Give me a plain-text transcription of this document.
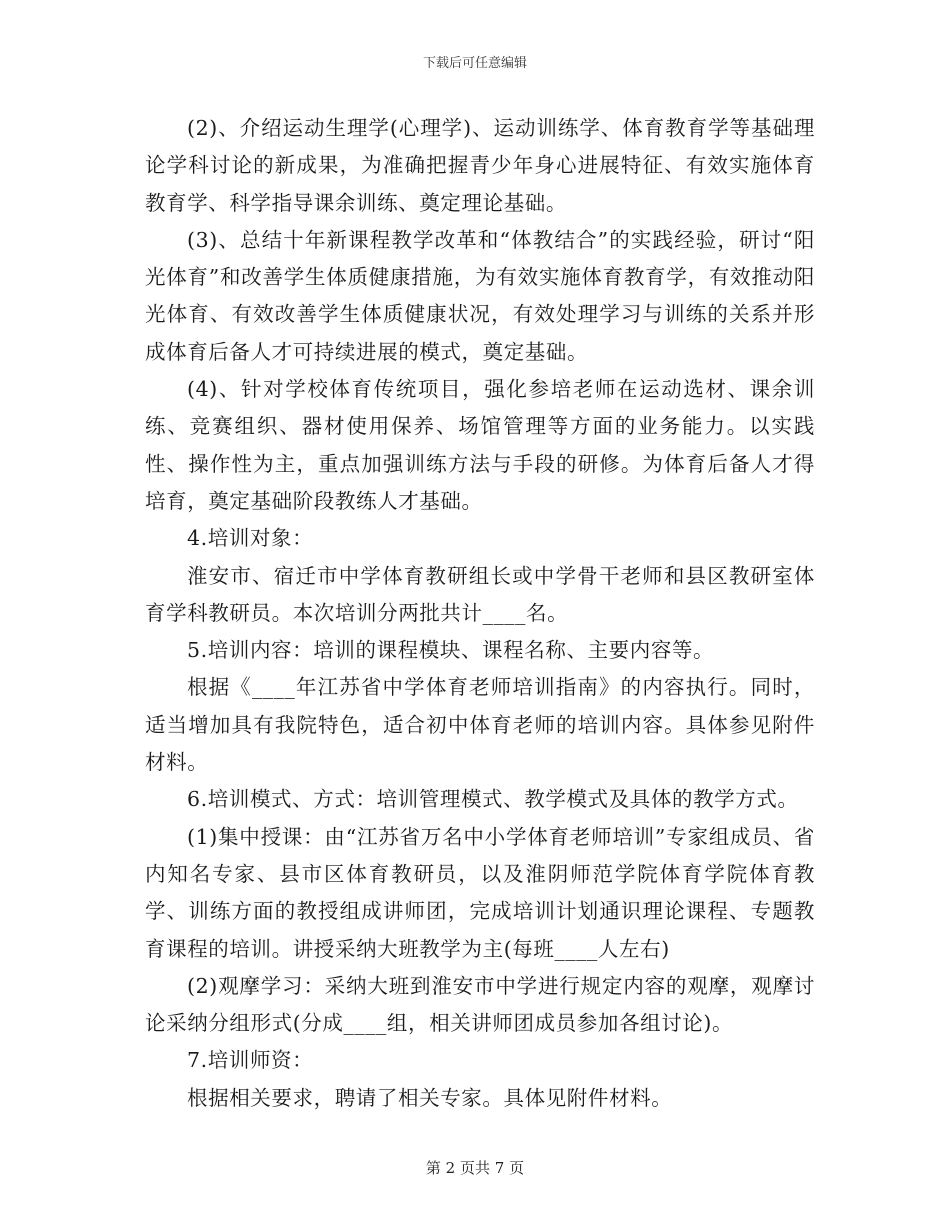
下载后可任意编辑

(2)、介绍运动生理学(心理学)、运动训练学、体育教育学等基础理论学科讨论的新成果，为准确把握青少年身心进展特征、有效实施体育教育学、科学指导课余训练、奠定理论基础。

(3)、总结十年新课程教学改革和“体教结合”的实践经验，研讨“阳光体育”和改善学生体质健康措施，为有效实施体育教育学，有效推动阳光体育、有效改善学生体质健康状况，有效处理学习与训练的关系并形成体育后备人才可持续进展的模式，奠定基础。

(4)、针对学校体育传统项目，强化参培老师在运动选材、课余训练、竞赛组织、器材使用保养、场馆管理等方面的业务能力。以实践性、操作性为主，重点加强训练方法与手段的研修。为体育后备人才得培育，奠定基础阶段教练人才基础。

4.培训对象：

淮安市、宿迁市中学体育教研组长或中学骨干老师和县区教研室体育学科教研员。本次培训分两批共计____名。

5.培训内容：培训的课程模块、课程名称、主要内容等。

根据《____年江苏省中学体育老师培训指南》的内容执行。同时，适当增加具有我院特色，适合初中体育老师的培训内容。具体参见附件材料。

6.培训模式、方式：培训管理模式、教学模式及具体的教学方式。

(1)集中授课：由“江苏省万名中小学体育老师培训”专家组成员、省内知名专家、县市区体育教研员，以及淮阴师范学院体育学院体育教学、训练方面的教授组成讲师团，完成培训计划通识理论课程、专题教育课程的培训。讲授采纳大班教学为主(每班____人左右)

(2)观摩学习：采纳大班到淮安市中学进行规定内容的观摩，观摩讨论采纳分组形式(分成____组，相关讲师团成员参加各组讨论)。

7.培训师资：

根据相关要求，聘请了相关专家。具体见附件材料。

第 2 页共 7 页
